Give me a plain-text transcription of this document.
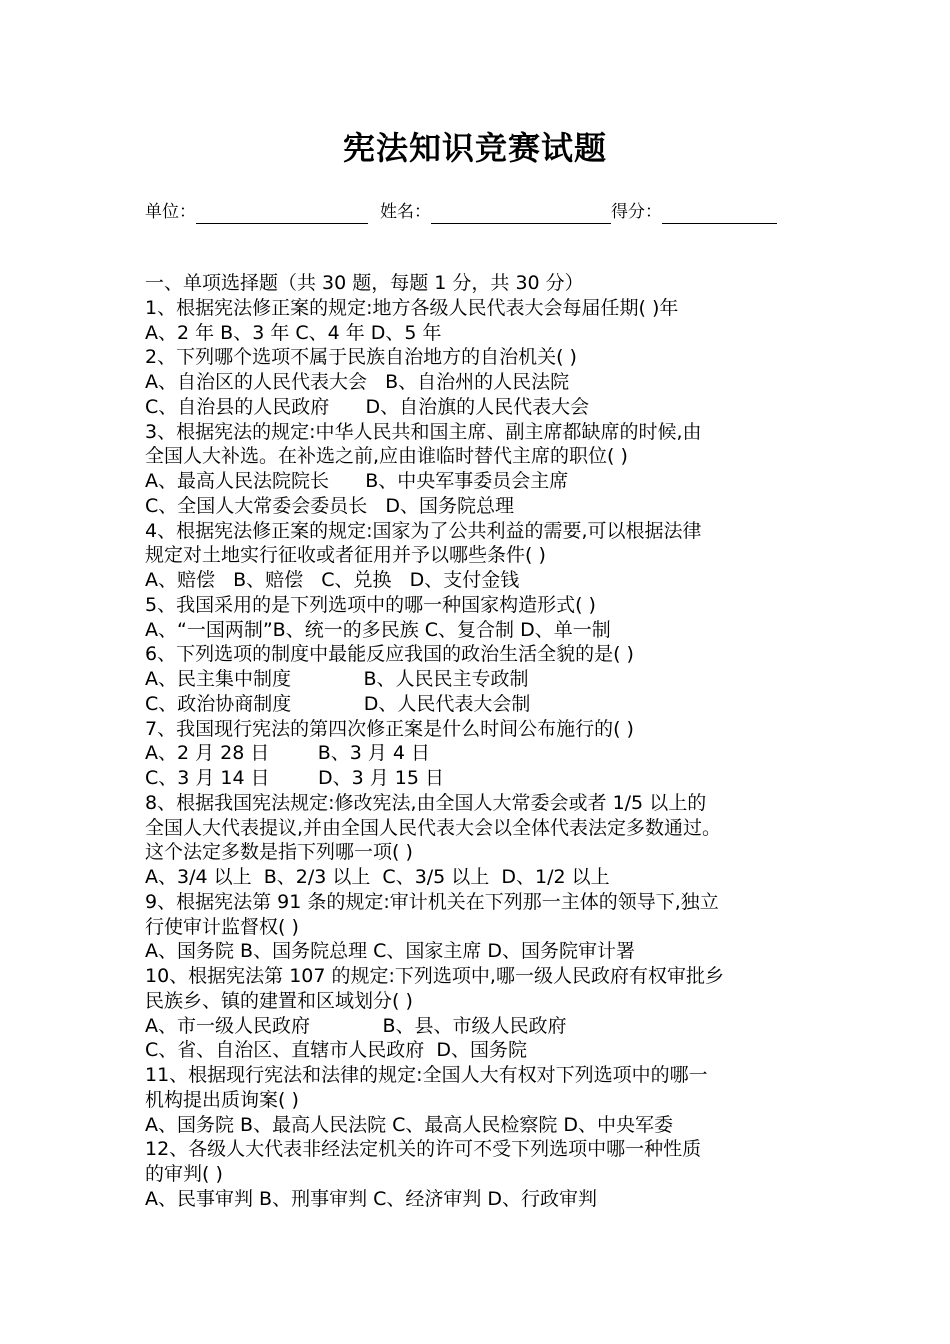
宪法知识竞赛试题
单位：	姓名：	得分：
一、单项选择题（共 30 题，每题 1 分，共 30 分）
1、根据宪法修正案的规定:地方各级人民代表大会每届任期( )年
A、2 年 B、3 年 C、4 年 D、5 年
2、下列哪个选项不属于民族自治地方的自治机关( )
A、自治区的人民代表大会   B、自治州的人民法院
C、自治县的人民政府      D、自治旗的人民代表大会
3、根据宪法的规定:中华人民共和国主席、副主席都缺席的时候,由
全国人大补选。在补选之前,应由谁临时替代主席的职位( )
A、最高人民法院院长      B、中央军事委员会主席
C、全国人大常委会委员长   D、国务院总理
4、根据宪法修正案的规定:国家为了公共利益的需要,可以根据法律
规定对土地实行征收或者征用并予以哪些条件( )
A、赔偿   B、赔偿   C、兑换   D、支付金钱
5、我国采用的是下列选项中的哪一种国家构造形式( )
A、“一国两制”B、统一的多民族 C、复合制 D、单一制
6、下列选项的制度中最能反应我国的政治生活全貌的是( )
A、民主集中制度            B、人民民主专政制
C、政治协商制度            D、人民代表大会制
7、我国现行宪法的第四次修正案是什么时间公布施行的( )
A、2 月 28 日        B、3 月 4 日
C、3 月 14 日        D、3 月 15 日
8、根据我国宪法规定:修改宪法,由全国人大常委会或者 1/5 以上的
全国人大代表提议,并由全国人民代表大会以全体代表法定多数通过。
这个法定多数是指下列哪一项( )
A、3/4 以上  B、2/3 以上  C、3/5 以上  D、1/2 以上
9、根据宪法第 91 条的规定:审计机关在下列那一主体的领导下,独立
行使审计监督权( )
A、国务院 B、国务院总理 C、国家主席 D、国务院审计署
10、根据宪法第 107 的规定:下列选项中,哪一级人民政府有权审批乡
民族乡、镇的建置和区域划分( )
A、市一级人民政府            B、县、市级人民政府
C、省、自治区、直辖市人民政府  D、国务院
11、根据现行宪法和法律的规定:全国人大有权对下列选项中的哪一
机构提出质询案( )
A、国务院 B、最高人民法院 C、最高人民检察院 D、中央军委
12、各级人大代表非经法定机关的许可不受下列选项中哪一种性质
的审判( )
A、民事审判 B、刑事审判 C、经济审判 D、行政审判
